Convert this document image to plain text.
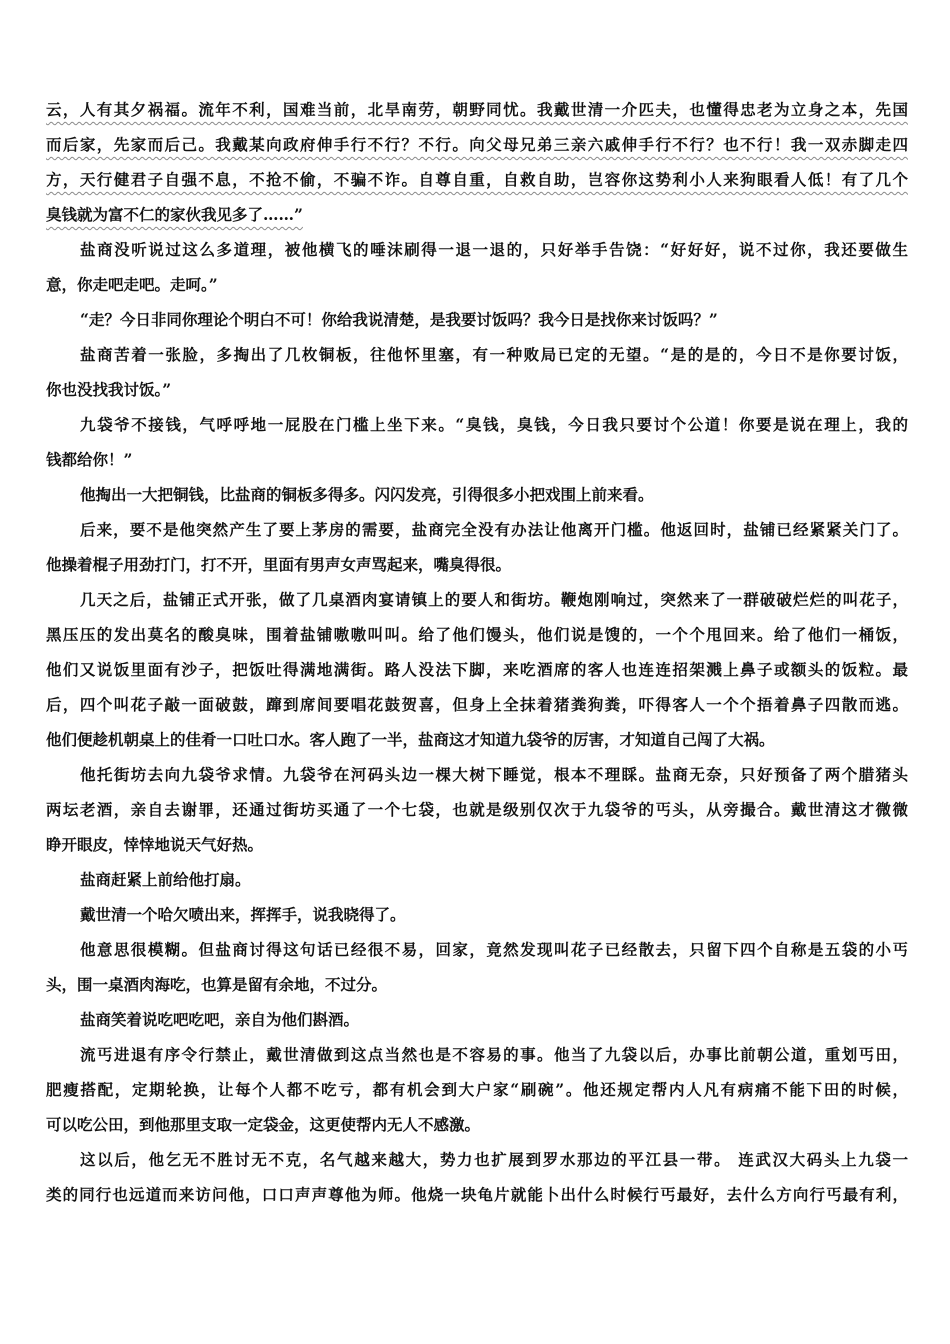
云，人有其夕祸福。流年不利，国难当前，北旱南劳，朝野同忧。我戴世清一介匹夫，也懂得忠老为立身之本，先国
而后家，先家而后己。我戴某向政府伸手行不行？不行。向父母兄弟三亲六戚伸手行不行？也不行！我一双赤脚走四
方，天行健君子自强不息，不抢不偷，不骗不诈。自尊自重，自救自助，岂容你这势利小人来狗眼看人低！有了几个
臭钱就为富不仁的家伙我见多了……”
盐商没听说过这么多道理，被他横飞的唾沫刷得一退一退的，只好举手告饶：“好好好，说不过你，我还要做生
意，你走吧走吧。走呵。”
“走？今日非同你理论个明白不可！你给我说清楚，是我要讨饭吗？我今日是找你来讨饭吗？”
盐商苦着一张脸，多掏出了几枚铜板，往他怀里塞，有一种败局已定的无望。“是的是的，今日不是你要讨饭，
你也没找我讨饭。”
九袋爷不接钱，气呼呼地一屁股在门槛上坐下来。“臭钱，臭钱，今日我只要讨个公道！你要是说在理上，我的
钱都给你！”
他掏出一大把铜钱，比盐商的铜板多得多。闪闪发亮，引得很多小把戏围上前来看。
后来，要不是他突然产生了要上茅房的需要，盐商完全没有办法让他离开门槛。他返回时，盐铺已经紧紧关门了。
他操着棍子用劲打门，打不开，里面有男声女声骂起来，嘴臭得很。
几天之后，盐铺正式开张，做了几桌酒肉宴请镇上的要人和街坊。鞭炮刚响过，突然来了一群破破烂烂的叫花子，
黑压压的发出莫名的酸臭味，围着盐铺嗷嗷叫叫。给了他们馒头，他们说是馊的，一个个甩回来。给了他们一桶饭，
他们又说饭里面有沙子，把饭吐得满地满街。路人没法下脚，来吃酒席的客人也连连招架溅上鼻子或额头的饭粒。最
后，四个叫花子敲一面破鼓，蹿到席间要唱花鼓贺喜，但身上全抹着猪粪狗粪，吓得客人一个个捂着鼻子四散而逃。
他们便趁机朝桌上的佳肴一口吐口水。客人跑了一半，盐商这才知道九袋爷的厉害，才知道自己闯了大祸。
他托街坊去向九袋爷求情。九袋爷在河码头边一棵大树下睡觉，根本不理睬。盐商无奈，只好预备了两个腊猪头
两坛老酒，亲自去谢罪，还通过街坊买通了一个七袋，也就是级别仅次于九袋爷的丐头，从旁撮合。戴世清这才微微
睁开眼皮，悻悻地说天气好热。
盐商赶紧上前给他打扇。
戴世清一个哈欠喷出来，挥挥手，说我晓得了。
他意思很模糊。但盐商讨得这句话已经很不易，回家，竟然发现叫花子已经散去，只留下四个自称是五袋的小丐
头，围一桌酒肉海吃，也算是留有余地，不过分。
盐商笑着说吃吧吃吧，亲自为他们斟酒。
流丐进退有序令行禁止，戴世清做到这点当然也是不容易的事。他当了九袋以后，办事比前朝公道，重划丐田，
肥瘦搭配，定期轮换，让每个人都不吃亏，都有机会到大户家“刷碗”。他还规定帮内人凡有病痛不能下田的时候，
可以吃公田，到他那里支取一定袋金，这更使帮内无人不感激。
这以后，他乞无不胜讨无不克，名气越来越大，势力也扩展到罗水那边的平江县一带。 连武汉大码头上九袋一
类的同行也远道而来访问他，口口声声尊他为师。他烧一块龟片就能卜出什么时候行丐最好，去什么方向行丐最有利，
